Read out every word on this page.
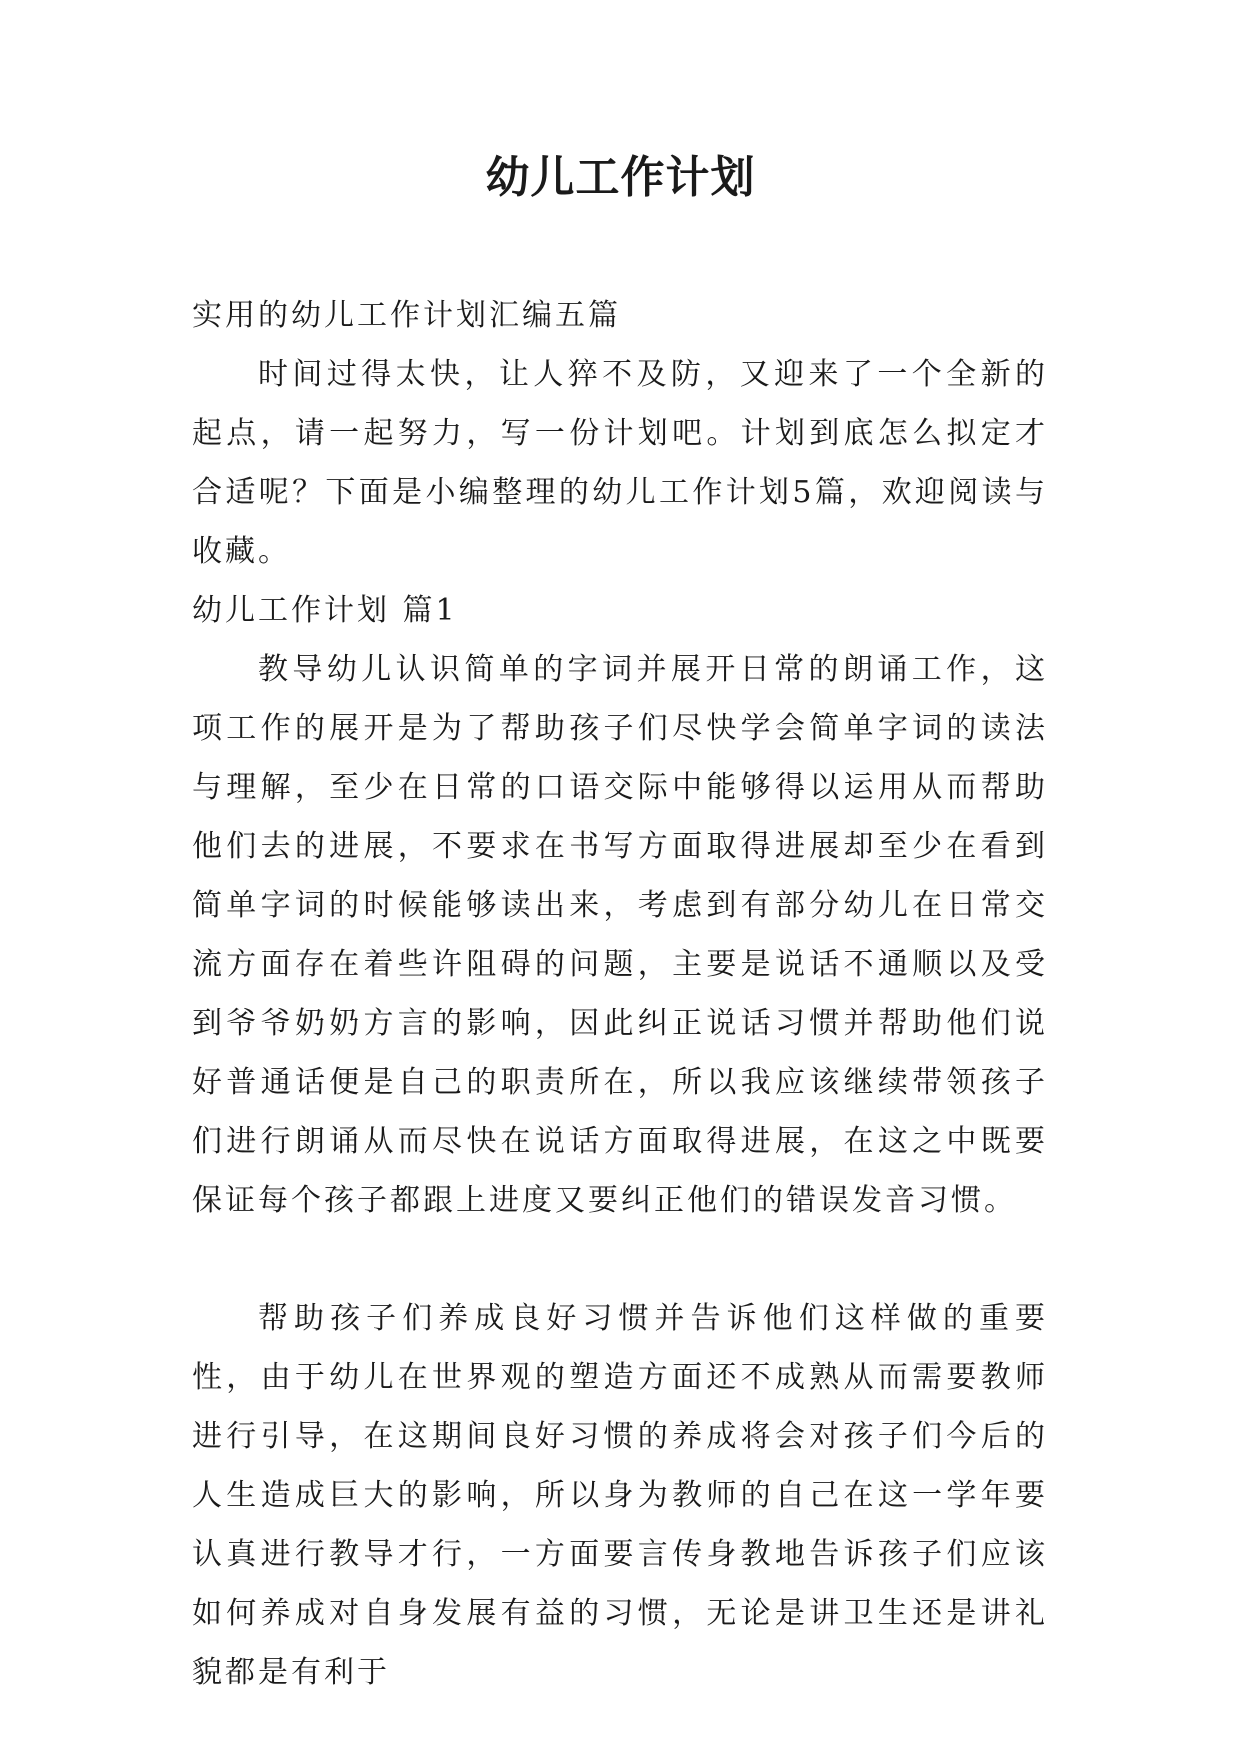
幼儿工作计划

实用的幼儿工作计划汇编五篇

时间过得太快，让人猝不及防，又迎来了一个全新的起点，请一起努力，写一份计划吧。计划到底怎么拟定才合适呢？下面是小编整理的幼儿工作计划5篇，欢迎阅读与收藏。

幼儿工作计划 篇1

教导幼儿认识简单的字词并展开日常的朗诵工作，这项工作的展开是为了帮助孩子们尽快学会简单字词的读法与理解，至少在日常的口语交际中能够得以运用从而帮助他们去的进展，不要求在书写方面取得进展却至少在看到简单字词的时候能够读出来，考虑到有部分幼儿在日常交流方面存在着些许阻碍的问题，主要是说话不通顺以及受到爷爷奶奶方言的影响，因此纠正说话习惯并帮助他们说好普通话便是自己的职责所在，所以我应该继续带领孩子们进行朗诵从而尽快在说话方面取得进展，在这之中既要保证每个孩子都跟上进度又要纠正他们的错误发音习惯。

帮助孩子们养成良好习惯并告诉他们这样做的重要性，由于幼儿在世界观的塑造方面还不成熟从而需要教师进行引导，在这期间良好习惯的养成将会对孩子们今后的人生造成巨大的影响，所以身为教师的自己在这一学年要认真进行教导才行，一方面要言传身教地告诉孩子们应该如何养成对自身发展有益的习惯，无论是讲卫生还是讲礼貌都是有利于
